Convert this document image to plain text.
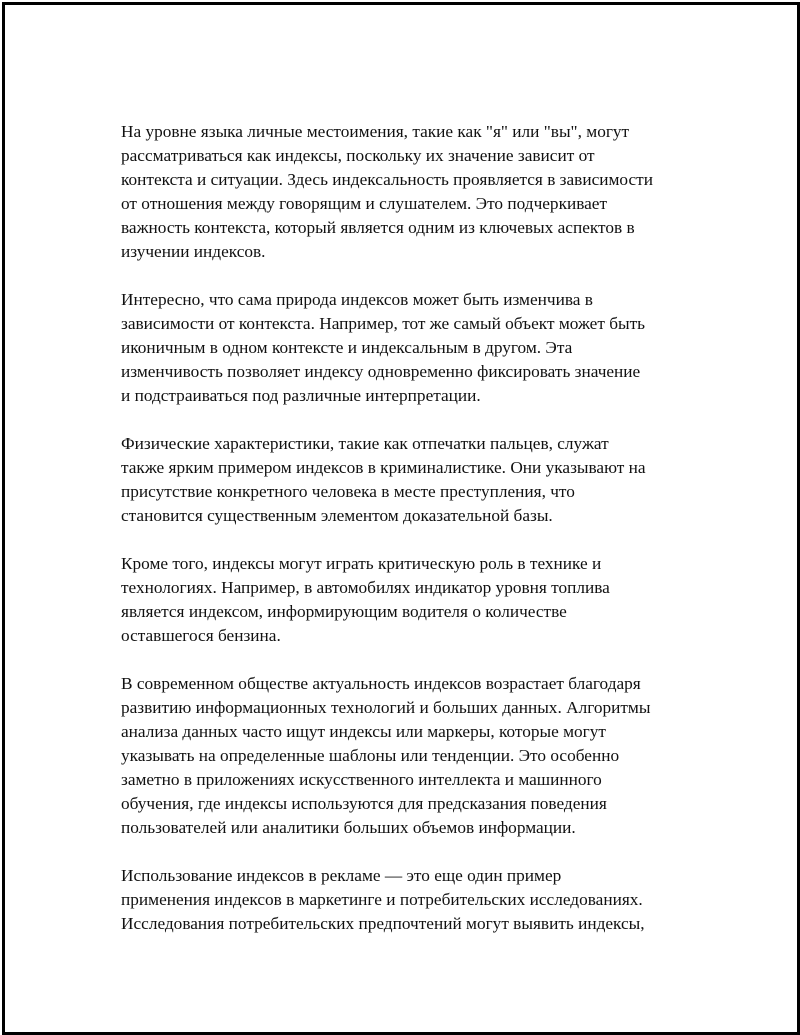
На уровне языка личные местоимения, такие как "я" или "вы", могут
рассматриваться как индексы, поскольку их значение зависит от
контекста и ситуации. Здесь индексальность проявляется в зависимости
от отношения между говорящим и слушателем. Это подчеркивает
важность контекста, который является одним из ключевых аспектов в
изучении индексов.

Интересно, что сама природа индексов может быть изменчива в
зависимости от контекста. Например, тот же самый объект может быть
иконичным в одном контексте и индексальным в другом. Эта
изменчивость позволяет индексу одновременно фиксировать значение
и подстраиваться под различные интерпретации.

Физические характеристики, такие как отпечатки пальцев, служат
также ярким примером индексов в криминалистике. Они указывают на
присутствие конкретного человека в месте преступления, что
становится существенным элементом доказательной базы.

Кроме того, индексы могут играть критическую роль в технике и
технологиях. Например, в автомобилях индикатор уровня топлива
является индексом, информирующим водителя о количестве
оставшегося бензина.

В современном обществе актуальность индексов возрастает благодаря
развитию информационных технологий и больших данных. Алгоритмы
анализа данных часто ищут индексы или маркеры, которые могут
указывать на определенные шаблоны или тенденции. Это особенно
заметно в приложениях искусственного интеллекта и машинного
обучения, где индексы используются для предсказания поведения
пользователей или аналитики больших объемов информации.

Использование индексов в рекламе — это еще один пример
применения индексов в маркетинге и потребительских исследованиях.
Исследования потребительских предпочтений могут выявить индексы,
